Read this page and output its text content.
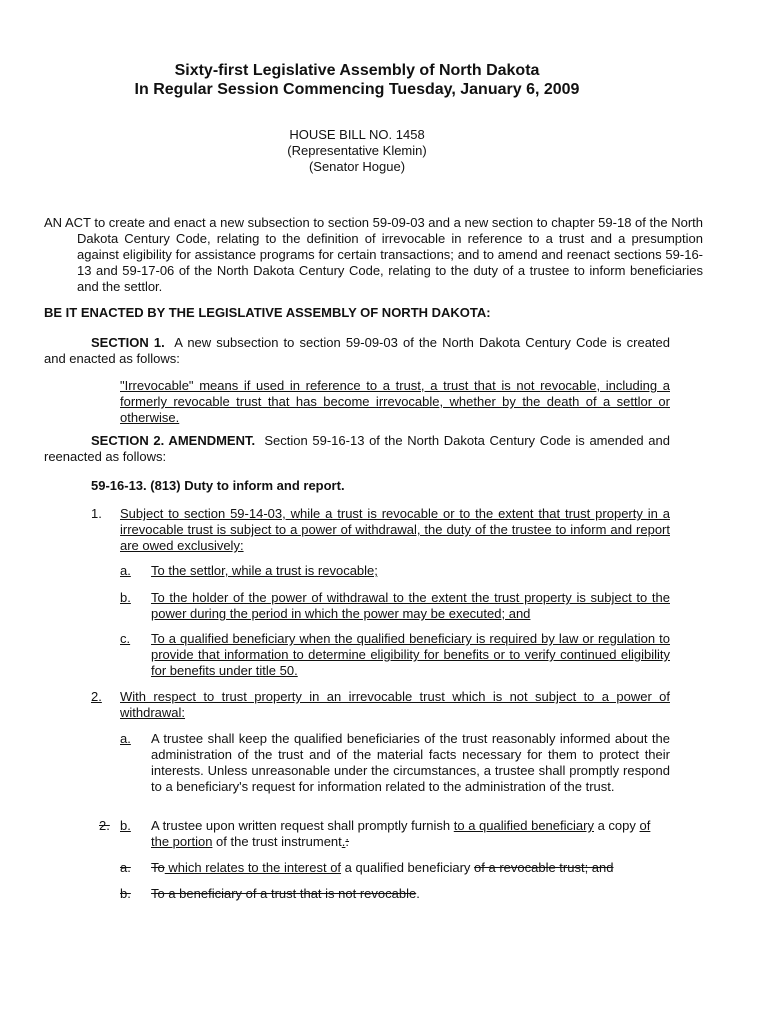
Sixty-first Legislative Assembly of North Dakota
In Regular Session Commencing Tuesday, January 6, 2009
HOUSE BILL NO. 1458
(Representative Klemin)
(Senator Hogue)
AN ACT to create and enact a new subsection to section 59-09-03 and a new section to chapter 59-18 of the North Dakota Century Code, relating to the definition of irrevocable in reference to a trust and a presumption against eligibility for assistance programs for certain transactions; and to amend and reenact sections 59-16-13 and 59-17-06 of the North Dakota Century Code, relating to the duty of a trustee to inform beneficiaries and the settlor.
BE IT ENACTED BY THE LEGISLATIVE ASSEMBLY OF NORTH DAKOTA:
SECTION 1. A new subsection to section 59-09-03 of the North Dakota Century Code is created and enacted as follows:
"Irrevocable" means if used in reference to a trust, a trust that is not revocable, including a formerly revocable trust that has become irrevocable, whether by the death of a settlor or otherwise.
SECTION 2. AMENDMENT. Section 59-16-13 of the North Dakota Century Code is amended and reenacted as follows:
59-16-13. (813) Duty to inform and report.
1. Subject to section 59-14-03, while a trust is revocable or to the extent that trust property in a irrevocable trust is subject to a power of withdrawal, the duty of the trustee to inform and report are owed exclusively:
a. To the settlor, while a trust is revocable;
b. To the holder of the power of withdrawal to the extent the trust property is subject to the power during the period in which the power may be executed; and
c. To a qualified beneficiary when the qualified beneficiary is required by law or regulation to provide that information to determine eligibility for benefits or to verify continued eligibility for benefits under title 50.
2. With respect to trust property in an irrevocable trust which is not subject to a power of withdrawal:
a. A trustee shall keep the qualified beneficiaries of the trust reasonably informed about the administration of the trust and of the material facts necessary for them to protect their interests. Unless unreasonable under the circumstances, a trustee shall promptly respond to a beneficiary's request for information related to the administration of the trust.
2. b. A trustee upon written request shall promptly furnish to a qualified beneficiary a copy of the portion of the trust instrument.:
a. To which relates to the interest of a qualified beneficiary of a revocable trust; and
b. To a beneficiary of a trust that is not revocable.
